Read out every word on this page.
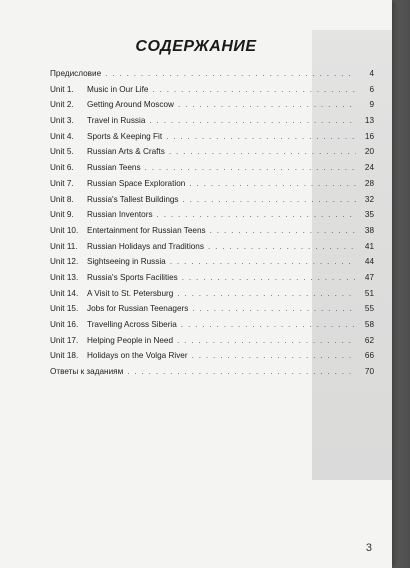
СОДЕРЖАНИЕ
Предисловие . . .	4
Unit 1.	Music in Our Life . . .	6
Unit 2.	Getting Around Moscow . . .	9
Unit 3.	Travel in Russia . . .	13
Unit 4.	Sports & Keeping Fit . . .	16
Unit 5.	Russian Arts & Crafts . . .	20
Unit 6.	Russian Teens . . .	24
Unit 7.	Russian Space Exploration . . .	28
Unit 8.	Russia's Tallest Buildings . . .	32
Unit 9.	Russian Inventors . . .	35
Unit 10.	Entertainment for Russian Teens . . .	38
Unit 11.	Russian Holidays and Traditions . . .	41
Unit 12.	Sightseeing in Russia . . .	44
Unit 13.	Russia's Sports Facilities . . .	47
Unit 14.	A Visit to St. Petersburg . . .	51
Unit 15.	Jobs for Russian Teenagers . . .	55
Unit 16.	Travelling Across Siberia . . .	58
Unit 17.	Helping People in Need . . .	62
Unit 18.	Holidays on the Volga River . . .	66
Ответы к заданиям . . .	70
3
